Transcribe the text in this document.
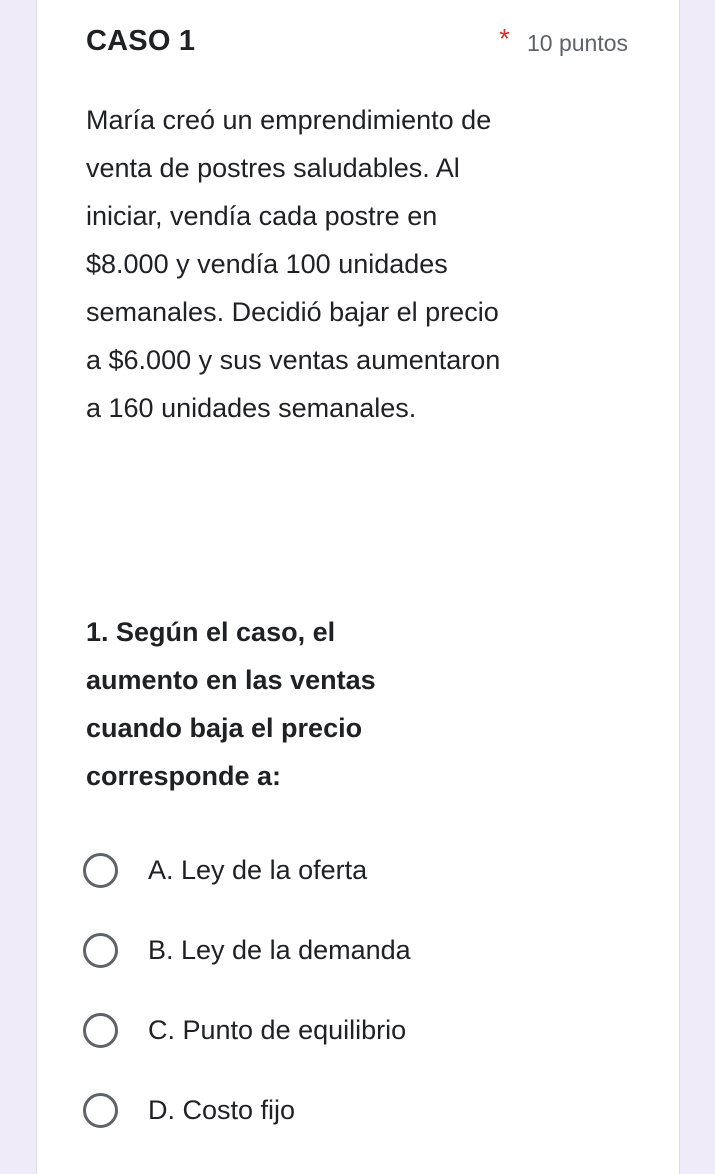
CASO 1	* 10 puntos

María creó un emprendimiento de venta de postres saludables. Al iniciar, vendía cada postre en $8.000 y vendía 100 unidades semanales. Decidió bajar el precio a $6.000 y sus ventas aumentaron a 160 unidades semanales.

1. Según el caso, el aumento en las ventas cuando baja el precio corresponde a:

A. Ley de la oferta
B. Ley de la demanda
C. Punto de equilibrio
D. Costo fijo
